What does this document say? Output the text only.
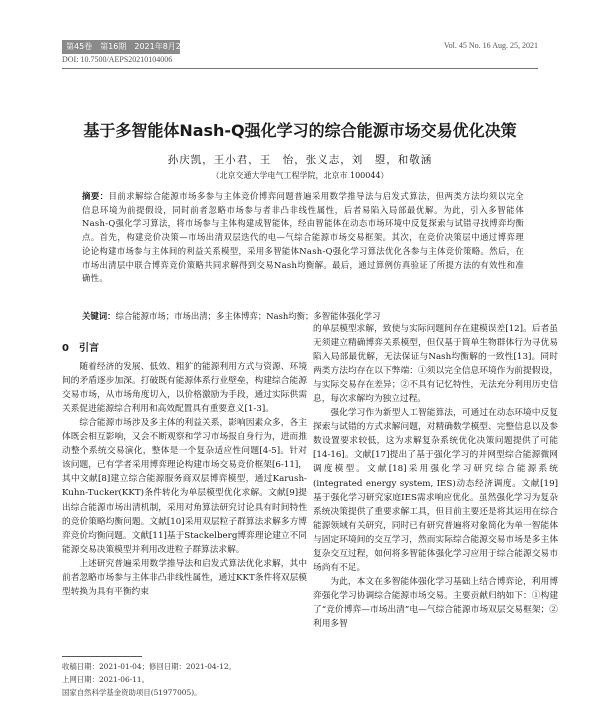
第45卷　第16期　2021年8月25日	Vol. 45 No. 16 Aug. 25, 2021
DOI: 10.7500/AEPS20210104006
基于多智能体Nash-Q强化学习的综合能源市场交易优化决策
孙庆凯，王小君，王　怡，张义志，刘　曌，和敬涵
（北京交通大学电气工程学院，北京市 100044）
摘要：目前求解综合能源市场多参与主体竞价博弈问题普遍采用数学推导法与启发式算法，但两类方法均须以完全信息环境为前提假设，同时前者忽略市场参与者非凸非线性属性，后者易陷入局部最优解。为此，引入多智能体Nash-Q强化学习算法，将市场参与主体构建成智能体，经由智能体在动态市场环境中反复探索与试错寻找博弈均衡点。首先，构建竞价决策—市场出清双层迭代的电—气综合能源市场交易框架。其次，在竞价决策层中通过博弈理论论构建市场参与主体间的利益关系模型，采用多智能体Nash-Q强化学习算法优化各参与主体竞价策略。然后，在市场出清层中联合博弈竞价策略共同求解得到交易Nash均衡解。最后，通过算例仿真验证了所提方法的有效性和准确性。
关键词：综合能源市场；市场出清；多主体博弈；Nash均衡；多智能体强化学习
0　引言

随着经济的发展、低效、粗犷的能源利用方式与资源、环境间的矛盾逐步加深。打破既有能源体系行业壁垒，构建综合能源交易市场，从市场角度切入，以价格激励为手段，通过实际供需关系促进能源综合利用和高效配置具有重要意义[1-3]。

综合能源市场涉及多主体的利益关系，影响因素众多，各主体既会相互影响，又会不断观察和学习市场报自身行为，进而推动整个系统交易演化，整体是一个复杂适应性问题[4-5]。针对该问题，已有学者采用博弈理论构建市场交易竞价框架[6-11]，其中文献[8]建立综合能源服务商双层博弈模型，通过Karush-Kuhn-Tucker(KKT)条件转化为单层模型优化求解。文献[9]提出综合能源市场出清机制，采用对角算法研究讨论具有时间特性的竞价策略均衡问题。文献[10]采用双层粒子群算法求解多方博弈竞价均衡问题。文献[11]基于Stackelberg博弈理论建立不同能源交易决策模型并利用改进粒子群算法求解。

上述研究普遍采用数学推导法和启发式算法优化求解，其中前者忽略市场参与主体非凸非线性属性，通过KKT条件将双层模型转换为具有平衡约束

的单层模型求解，致使与实际问题间存在建模误差[12]。后者虽无须建立精确博弈关系模型，但仅基于简单生物群体行为寻优易陷入局部最优解，无法保证与Nash均衡解的一致性[13]。同时两类方法均存在以下弊端：①须以完全信息环境作为前提假设，与实际交易存在差异；②不具有记忆特性，无法充分利用历史信息，每次求解均为独立过程。

强化学习作为新型人工智能算法，可通过在动态环境中反复探索与试错的方式求解问题，对精确数学模型、完整信息以及参数设置要求较低，这为求解复杂系统优化决策问题提供了可能[14-16]。文献[17]提出了基于强化学习的并网型综合能源微网调度模型。文献[18]采用强化学习研究综合能源系统(integrated energy system, IES)动态经济调度。文献[19]基于强化学习研究家庭IES需求响应优化。虽然强化学习为复杂系统决策提供了重要求解工具，但目前主要还是将其运用在综合能源领域有关研究，同时已有研究普遍将对象简化为单一智能体与固定环境间的交互学习，然而实际综合能源交易市场是多主体复杂交互过程，如何将多智能体强化学习应用于综合能源交易市场尚有不足。

为此，本文在多智能体强化学习基础上结合博弈论，利用博弈强化学习协调综合能源市场交易。主要贡献归纳如下：①构建了“竞价博弈—市场出清”电—气综合能源市场双层交易框架；②利用多智

收稿日期：2021-01-04；修回日期：2021-04-12。
上网日期：2021-06-11。
国家自然科学基金资助项目(51977005)。
